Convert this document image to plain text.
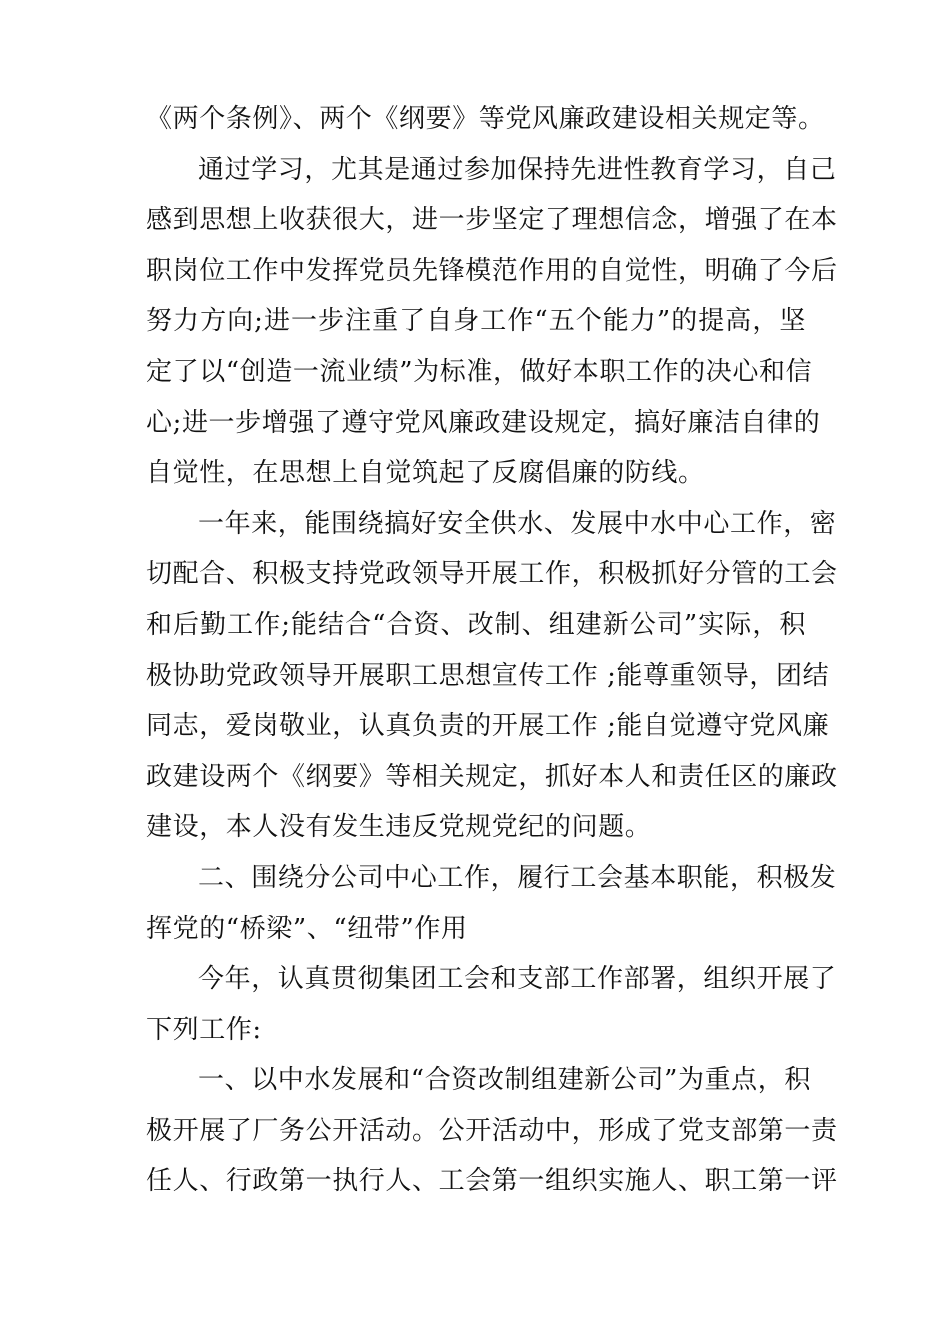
《两个条例》、两个《纲要》等党风廉政建设相关规定等。
通过学习，尤其是通过参加保持先进性教育学习，自己
感到思想上收获很大，进一步坚定了理想信念，增强了在本
职岗位工作中发挥党员先锋模范作用的自觉性，明确了今后
努力方向;进一步注重了自身工作“五个能力”的提高，坚
定了以“创造一流业绩”为标准，做好本职工作的决心和信
心;进一步增强了遵守党风廉政建设规定，搞好廉洁自律的
自觉性，在思想上自觉筑起了反腐倡廉的防线。
一年来，能围绕搞好安全供水、发展中水中心工作，密
切配合、积极支持党政领导开展工作，积极抓好分管的工会
和后勤工作;能结合“合资、改制、组建新公司”实际，积
极协助党政领导开展职工思想宣传工作 ;能尊重领导，团结
同志，爱岗敬业，认真负责的开展工作 ;能自觉遵守党风廉
政建设两个《纲要》等相关规定，抓好本人和责任区的廉政
建设，本人没有发生违反党规党纪的问题。
二、围绕分公司中心工作，履行工会基本职能，积极发
挥党的“桥梁”、“纽带”作用
今年，认真贯彻集团工会和支部工作部署，组织开展了
下列工作:
一、以中水发展和“合资改制组建新公司”为重点，积
极开展了厂务公开活动。公开活动中，形成了党支部第一责
任人、行政第一执行人、工会第一组织实施人、职工第一评
